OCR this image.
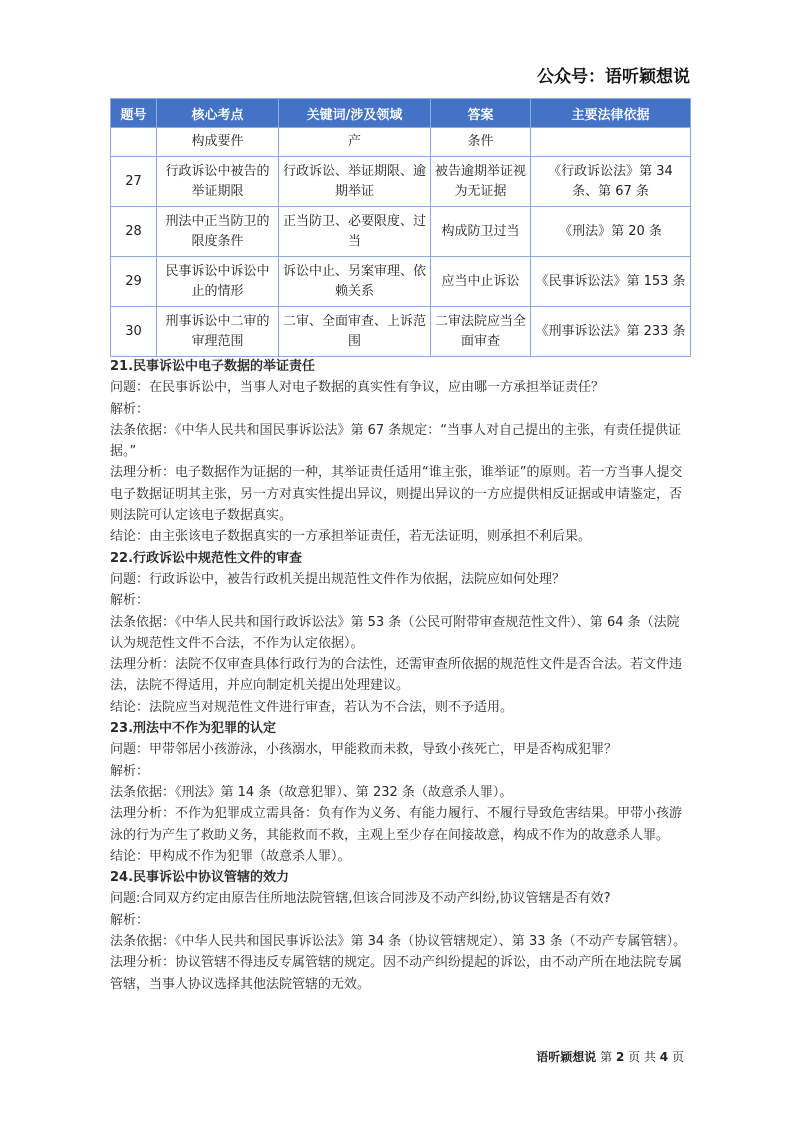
公众号：语听颖想说
题号	核心考点	关键词/涉及领域	答案	主要法律依据
	构成要件	产	条件	
27	行政诉讼中被告的举证期限	行政诉讼、举证期限、逾期举证	被告逾期举证视为无证据	《行政诉讼法》第 34 条、第 67 条
28	刑法中正当防卫的限度条件	正当防卫、必要限度、过当	构成防卫过当	《刑法》第 20 条
29	民事诉讼中诉讼中止的情形	诉讼中止、另案审理、依赖关系	应当中止诉讼	《民事诉讼法》第 153 条
30	刑事诉讼中二审的审理范围	二审、全面审查、上诉范围	二审法院应当全面审查	《刑事诉讼法》第 233 条

21.民事诉讼中电子数据的举证责任

问题：在民事诉讼中，当事人对电子数据的真实性有争议，应由哪一方承担举证责任？

解析：

法条依据：《中华人民共和国民事诉讼法》第 67 条规定：“当事人对自己提出的主张，有责任提供证据。”

法理分析：电子数据作为证据的一种，其举证责任适用“谁主张，谁举证”的原则。若一方当事人提交电子数据证明其主张，另一方对真实性提出异议，则提出异议的一方应提供相反证据或申请鉴定，否则法院可认定该电子数据真实。

结论：由主张该电子数据真实的一方承担举证责任，若无法证明，则承担不利后果。

22.行政诉讼中规范性文件的审查

问题：行政诉讼中，被告行政机关提出规范性文件作为依据，法院应如何处理？

解析：

法条依据：《中华人民共和国行政诉讼法》第 53 条（公民可附带审查规范性文件）、第 64 条（法院认为规范性文件不合法，不作为认定依据）。

法理分析：法院不仅审查具体行政行为的合法性，还需审查所依据的规范性文件是否合法。若文件违法，法院不得适用，并应向制定机关提出处理建议。

结论：法院应当对规范性文件进行审查，若认为不合法，则不予适用。

23.刑法中不作为犯罪的认定

问题：甲带邻居小孩游泳，小孩溺水，甲能救而未救，导致小孩死亡，甲是否构成犯罪？

解析：

法条依据：《刑法》第 14 条（故意犯罪）、第 232 条（故意杀人罪）。

法理分析：不作为犯罪成立需具备：负有作为义务、有能力履行、不履行导致危害结果。甲带小孩游泳的行为产生了救助义务，其能救而不救，主观上至少存在间接故意，构成不作为的故意杀人罪。

结论：甲构成不作为犯罪（故意杀人罪）。

24.民事诉讼中协议管辖的效力

问题:合同双方约定由原告住所地法院管辖,但该合同涉及不动产纠纷,协议管辖是否有效?

解析：

法条依据：《中华人民共和国民事诉讼法》第 34 条（协议管辖规定）、第 33 条（不动产专属管辖）。

法理分析：协议管辖不得违反专属管辖的规定。因不动产纠纷提起的诉讼，由不动产所在地法院专属管辖，当事人协议选择其他法院管辖的无效。

语听颖想说 第 2 页 共 4 页
